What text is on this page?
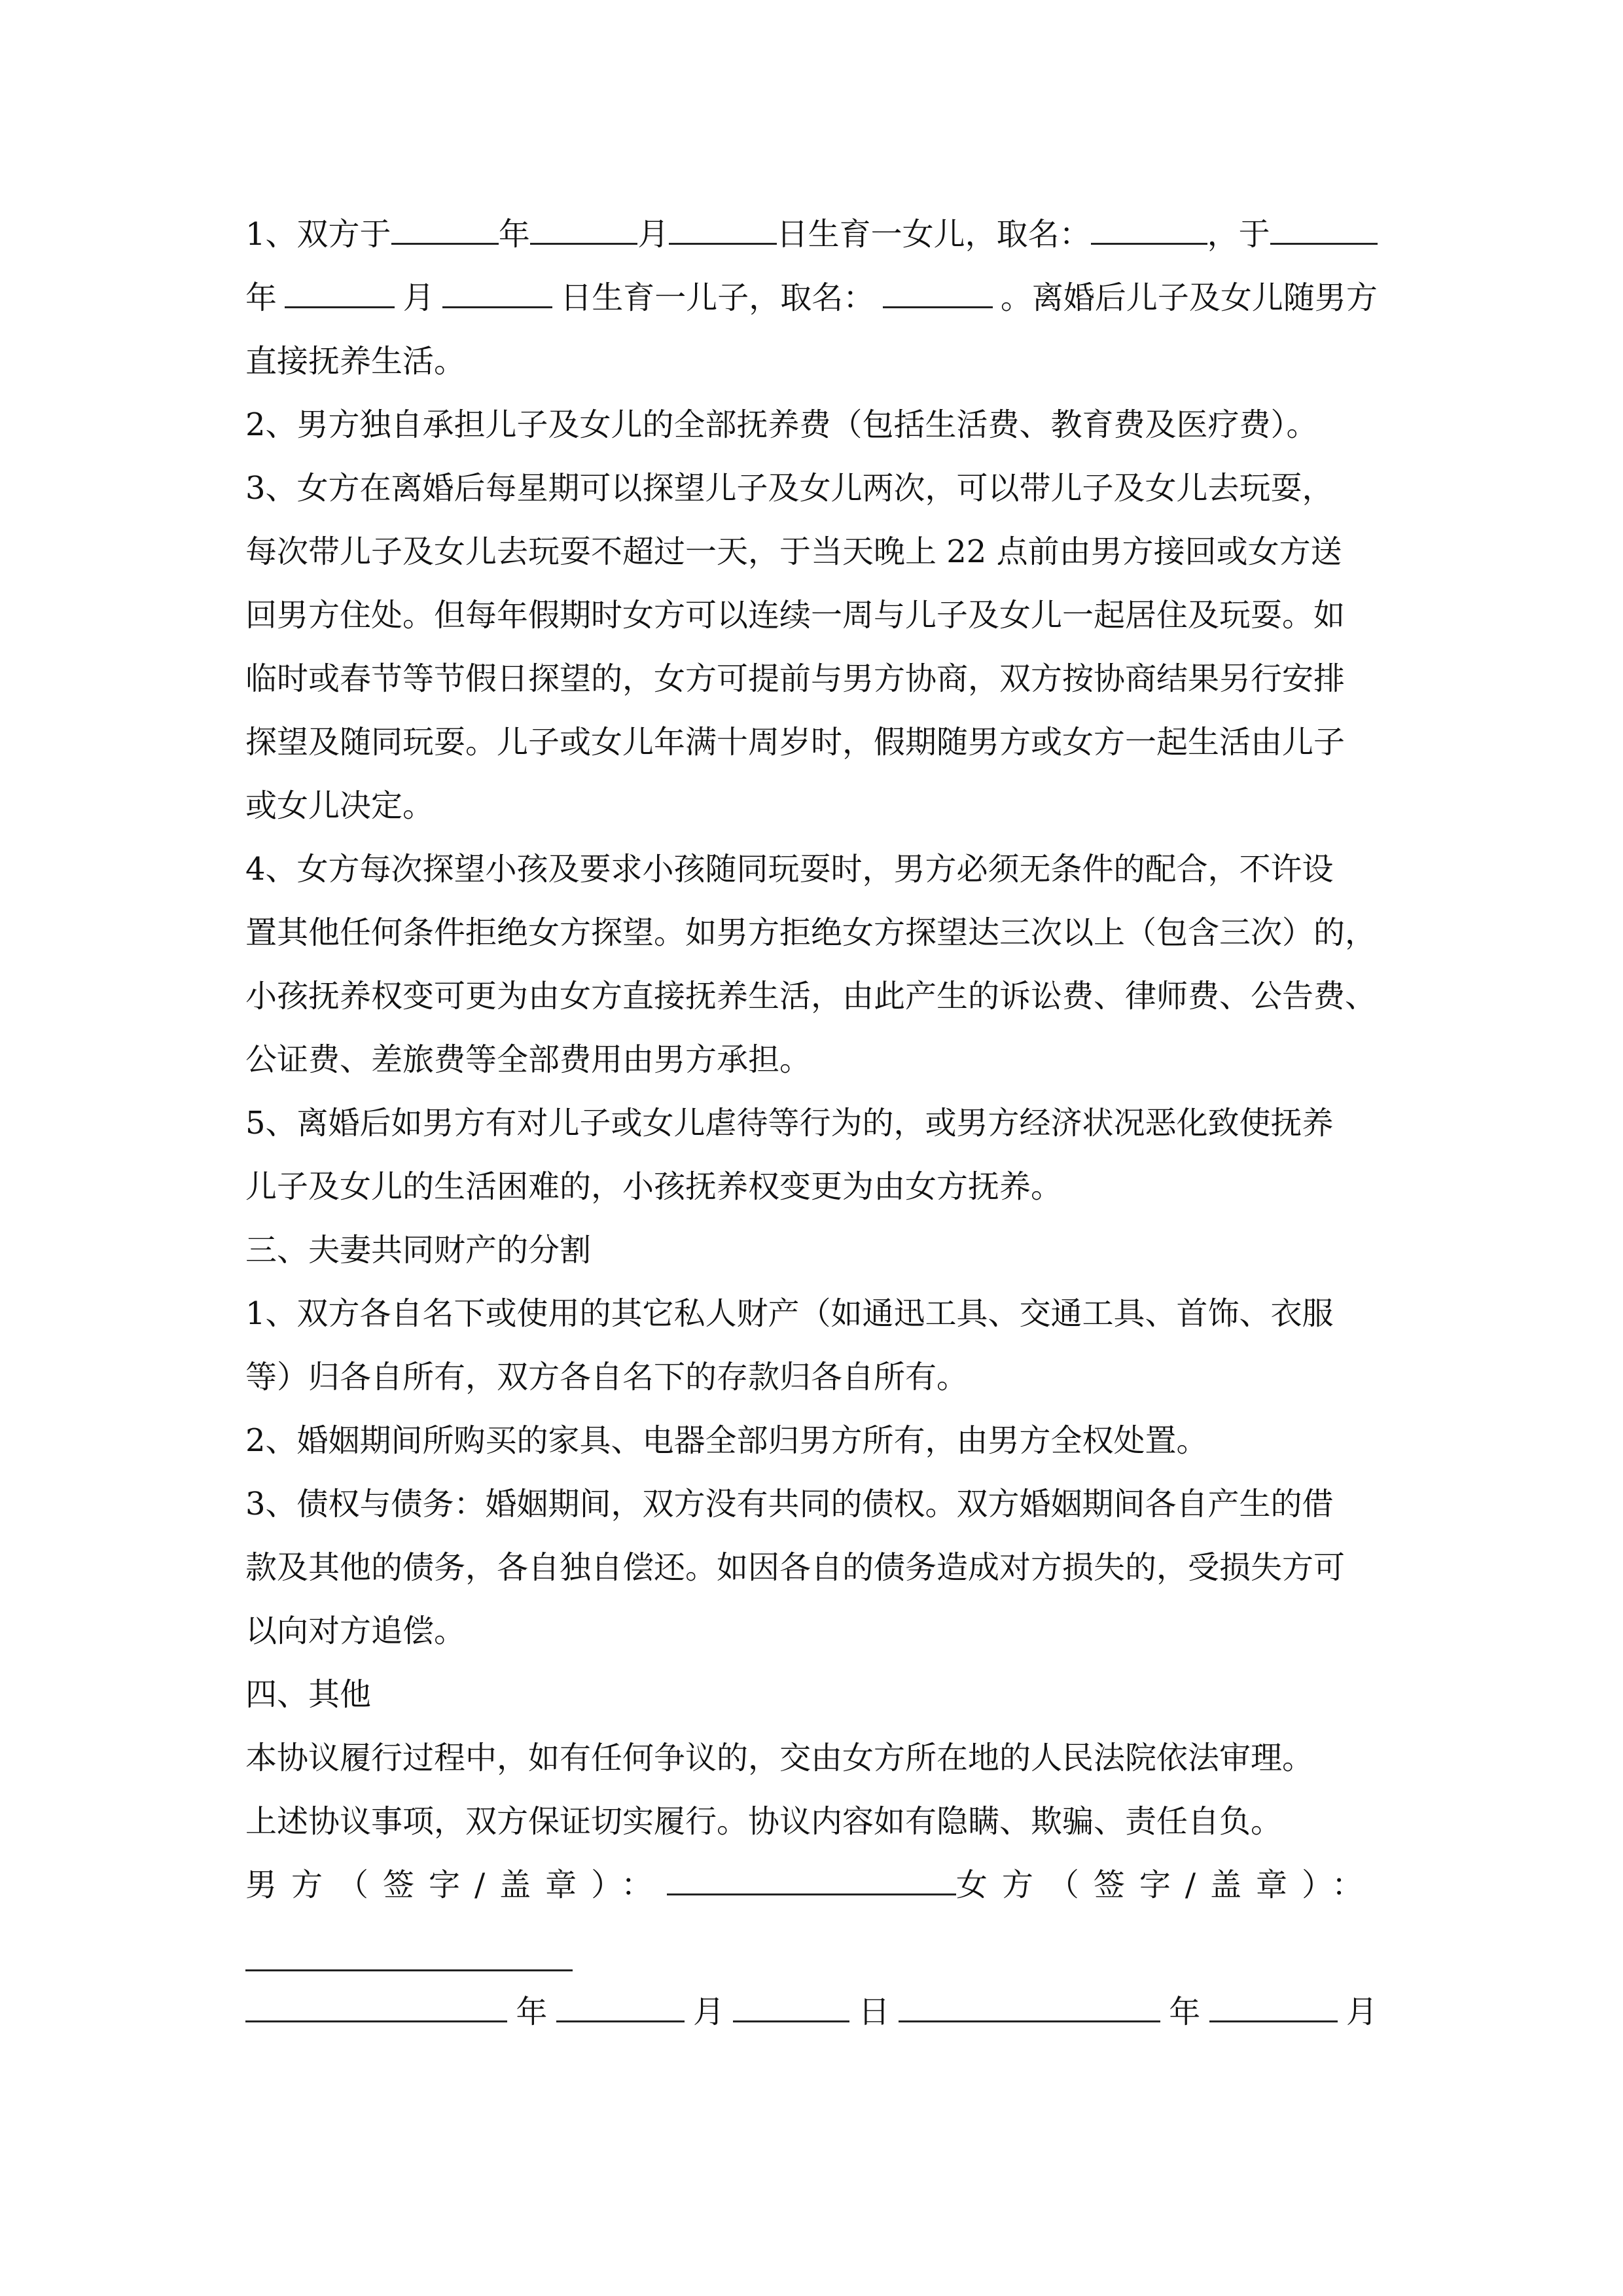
1、双方于	年	月	日生育一女儿，取名：	，于
年	月	日生育一儿子，取名：	。离婚后儿子及女儿随男方
直接抚养生活。
2、男方独自承担儿子及女儿的全部抚养费（包括生活费、教育费及医疗费）。
3、女方在离婚后每星期可以探望儿子及女儿两次，可以带儿子及女儿去玩耍，
每次带儿子及女儿去玩耍不超过一天，于当天晚上 22 点前由男方接回或女方送
回男方住处。但每年假期时女方可以连续一周与儿子及女儿一起居住及玩耍。如
临时或春节等节假日探望的，女方可提前与男方协商，双方按协商结果另行安排
探望及随同玩耍。儿子或女儿年满十周岁时，假期随男方或女方一起生活由儿子
或女儿决定。
4、女方每次探望小孩及要求小孩随同玩耍时，男方必须无条件的配合，不许设
置其他任何条件拒绝女方探望。如男方拒绝女方探望达三次以上（包含三次）的，
小孩抚养权变可更为由女方直接抚养生活，由此产生的诉讼费、律师费、公告费、
公证费、差旅费等全部费用由男方承担。
5、离婚后如男方有对儿子或女儿虐待等行为的，或男方经济状况恶化致使抚养
儿子及女儿的生活困难的，小孩抚养权变更为由女方抚养。
三、夫妻共同财产的分割
1、双方各自名下或使用的其它私人财产（如通迅工具、交通工具、首饰、衣服
等）归各自所有，双方各自名下的存款归各自所有。
2、婚姻期间所购买的家具、电器全部归男方所有，由男方全权处置。
3、债权与债务：婚姻期间，双方没有共同的债权。双方婚姻期间各自产生的借
款及其他的债务，各自独自偿还。如因各自的债务造成对方损失的，受损失方可
以向对方追偿。
四、其他
本协议履行过程中，如有任何争议的，交由女方所在地的人民法院依法审理。
上述协议事项，双方保证切实履行。协议内容如有隐瞒、欺骗、责任自负。
男方（签字/盖章）：	女方（签字/盖章）：
年	月	日	年	月
